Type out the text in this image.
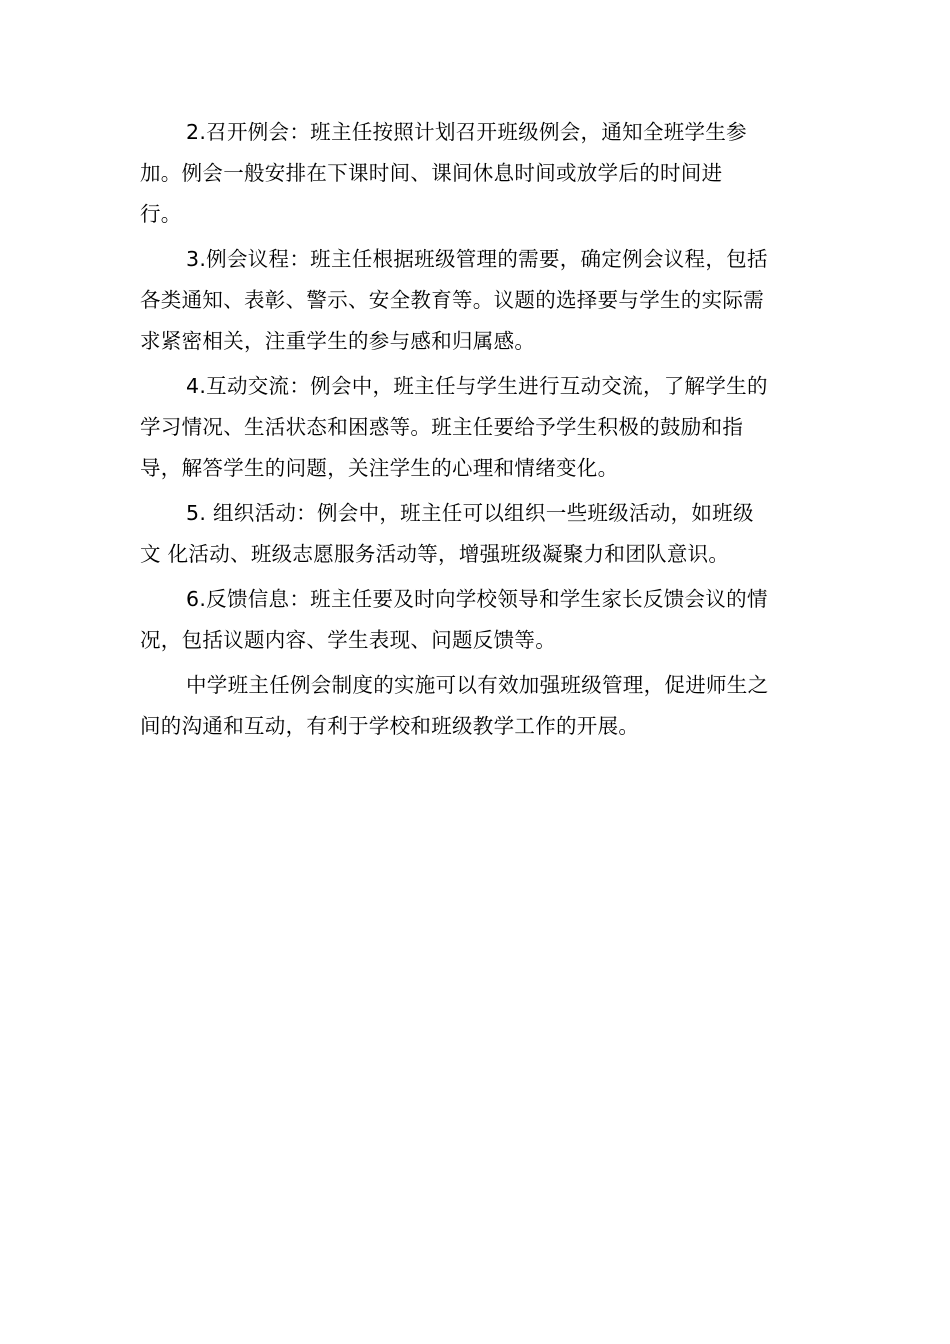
2.召开例会：班主任按照计划召开班级例会，通知全班学生参
加。例会一般安排在下课时间、课间休息时间或放学后的时间进
行。

3.例会议程：班主任根据班级管理的需要，确定例会议程，包括
各类通知、表彰、警示、安全教育等。议题的选择要与学生的实际需
求紧密相关，注重学生的参与感和归属感。

4.互动交流：例会中，班主任与学生进行互动交流，了解学生的
学习情况、生活状态和困惑等。班主任要给予学生积极的鼓励和指
导，解答学生的问题，关注学生的心理和情绪变化。

5. 组织活动：例会中，班主任可以组织一些班级活动，如班级
文 化活动、班级志愿服务活动等，增强班级凝聚力和团队意识。

6.反馈信息：班主任要及时向学校领导和学生家长反馈会议的情
况，包括议题内容、学生表现、问题反馈等。

中学班主任例会制度的实施可以有效加强班级管理，促进师生之
间的沟通和互动，有利于学校和班级教学工作的开展。
